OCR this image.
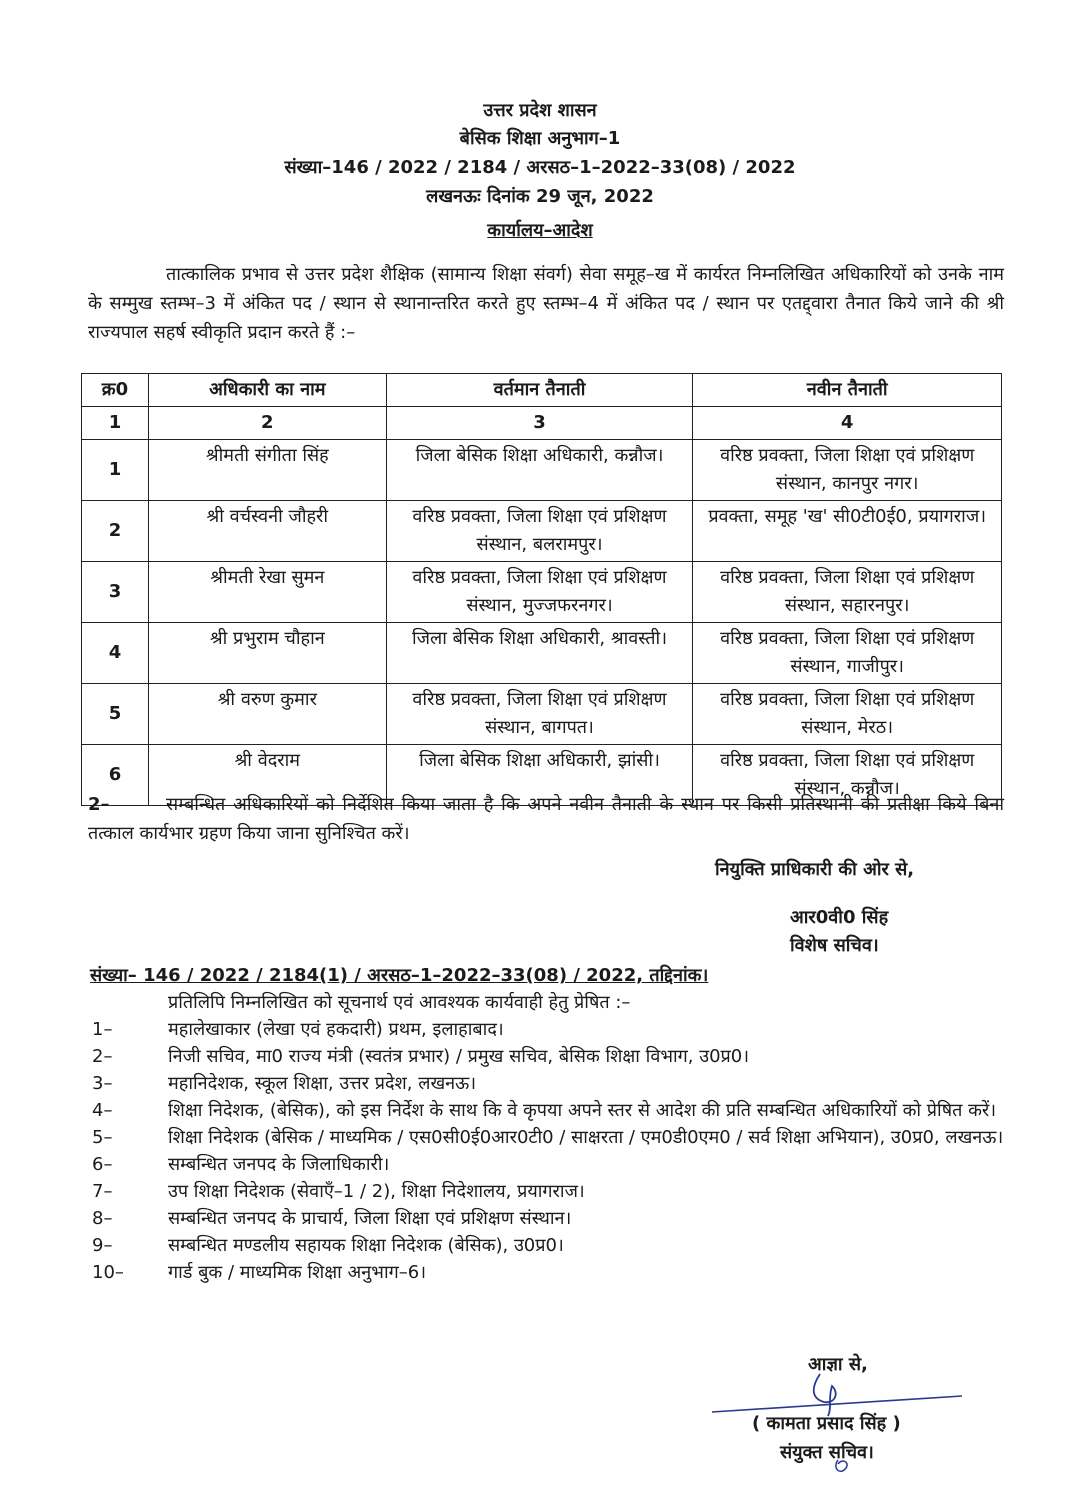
उत्तर प्रदेश शासन
बेसिक शिक्षा अनुभाग–1
संख्या–146 / 2022 / 2184 / अरसठ–1–2022–33(08) / 2022
लखनऊः दिनांक 29 जून, 2022
कार्यालय–आदेश
तात्कालिक प्रभाव से उत्तर प्रदेश शैक्षिक (सामान्य शिक्षा संवर्ग) सेवा समूह–ख में कार्यरत निम्नलिखित अधिकारियों को उनके नाम के सम्मुख स्तम्भ–3 में अंकित पद / स्थान से स्थानान्तरित करते हुए स्तम्भ–4 में अंकित पद / स्थान पर एतद्द्वारा तैनात किये जाने की श्री राज्यपाल सहर्ष स्वीकृति प्रदान करते हैं :–
क्र0	अधिकारी का नाम	वर्तमान तैनाती	नवीन तैनाती
1	2	3	4
1	श्रीमती संगीता सिंह	जिला बेसिक शिक्षा अधिकारी, कन्नौज।	वरिष्ठ प्रवक्ता, जिला शिक्षा एवं प्रशिक्षण संस्थान, कानपुर नगर।
2	श्री वर्चस्वनी जौहरी	वरिष्ठ प्रवक्ता, जिला शिक्षा एवं प्रशिक्षण संस्थान, बलरामपुर।	प्रवक्ता, समूह 'ख' सी0टी0ई0, प्रयागराज।
3	श्रीमती रेखा सुमन	वरिष्ठ प्रवक्ता, जिला शिक्षा एवं प्रशिक्षण संस्थान, मुज्जफरनगर।	वरिष्ठ प्रवक्ता, जिला शिक्षा एवं प्रशिक्षण संस्थान, सहारनपुर।
4	श्री प्रभुराम चौहान	जिला बेसिक शिक्षा अधिकारी, श्रावस्ती।	वरिष्ठ प्रवक्ता, जिला शिक्षा एवं प्रशिक्षण संस्थान, गाजीपुर।
5	श्री वरुण कुमार	वरिष्ठ प्रवक्ता, जिला शिक्षा एवं प्रशिक्षण संस्थान, बागपत।	वरिष्ठ प्रवक्ता, जिला शिक्षा एवं प्रशिक्षण संस्थान, मेरठ।
6	श्री वेदराम	जिला बेसिक शिक्षा अधिकारी, झांसी।	वरिष्ठ प्रवक्ता, जिला शिक्षा एवं प्रशिक्षण संस्थान, कन्नौज।
2–	सम्बन्धित अधिकारियों को निर्देशित किया जाता है कि अपने नवीन तैनाती के स्थान पर किसी प्रतिस्थानी की प्रतीक्षा किये बिना तत्काल कार्यभार ग्रहण किया जाना सुनिश्चित करें।
नियुक्ति प्राधिकारी की ओर से,
आर0वी0 सिंह
विशेष सचिव।
संख्या– 146 / 2022 / 2184(1) / अरसठ–1–2022–33(08) / 2022, तद्दिनांक।
प्रतिलिपि निम्नलिखित को सूचनार्थ एवं आवश्यक कार्यवाही हेतु प्रेषित :–
1–	महालेखाकार (लेखा एवं हकदारी) प्रथम, इलाहाबाद।
2–	निजी सचिव, मा0 राज्य मंत्री (स्वतंत्र प्रभार) / प्रमुख सचिव, बेसिक शिक्षा विभाग, उ0प्र0।
3–	महानिदेशक, स्कूल शिक्षा, उत्तर प्रदेश, लखनऊ।
4–	शिक्षा निदेशक, (बेसिक), को इस निर्देश के साथ कि वे कृपया अपने स्तर से आदेश की प्रति सम्बन्धित अधिकारियों को प्रेषित करें।
5–	शिक्षा निदेशक (बेसिक / माध्यमिक / एस0सी0ई0आर0टी0 / साक्षरता / एम0डी0एम0 / सर्व शिक्षा अभियान), उ0प्र0, लखनऊ।
6–	सम्बन्धित जनपद के जिलाधिकारी।
7–	उप शिक्षा निदेशक (सेवाएँ–1 / 2), शिक्षा निदेशालय, प्रयागराज।
8–	सम्बन्धित जनपद के प्राचार्य, जिला शिक्षा एवं प्रशिक्षण संस्थान।
9–	सम्बन्धित मण्डलीय सहायक शिक्षा निदेशक (बेसिक), उ0प्र0।
10–	गार्ड बुक / माध्यमिक शिक्षा अनुभाग–6।
आज्ञा से,
( कामता प्रसाद सिंह )
संयुक्त सचिव।
